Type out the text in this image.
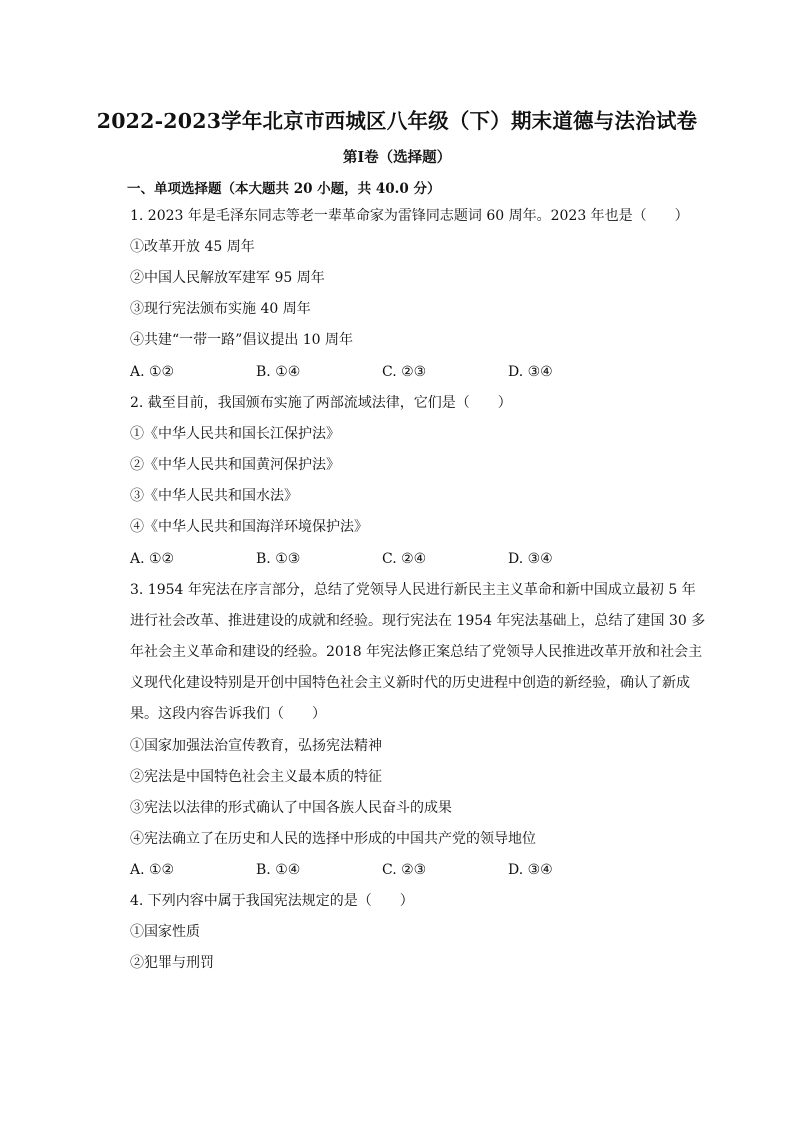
2022-2023学年北京市西城区八年级（下）期末道德与法治试卷
第Ⅰ卷（选择题）
一、单项选择题（本大题共 20 小题，共 40.0 分）
1. 2023 年是毛泽东同志等老一辈革命家为雷锋同志题词 60 周年。2023 年也是（　　）
①改革开放 45 周年
②中国人民解放军建军 95 周年
③现行宪法颁布实施 40 周年
④共建“一带一路”倡议提出 10 周年
A. ①②	B. ①④	C. ②③	D. ③④
2. 截至目前，我国颁布实施了两部流域法律，它们是（　　）
①《中华人民共和国长江保护法》
②《中华人民共和国黄河保护法》
③《中华人民共和国水法》
④《中华人民共和国海洋环境保护法》
A. ①②	B. ①③	C. ②④	D. ③④
3. 1954 年宪法在序言部分，总结了党领导人民进行新民主主义革命和新中国成立最初 5 年
进行社会改革、推进建设的成就和经验。现行宪法在 1954 年宪法基础上，总结了建国 30 多
年社会主义革命和建设的经验。2018 年宪法修正案总结了党领导人民推进改革开放和社会主
义现代化建设特别是开创中国特色社会主义新时代的历史进程中创造的新经验，确认了新成
果。这段内容告诉我们（　　）
①国家加强法治宣传教育，弘扬宪法精神
②宪法是中国特色社会主义最本质的特征
③宪法以法律的形式确认了中国各族人民奋斗的成果
④宪法确立了在历史和人民的选择中形成的中国共产党的领导地位
A. ①②	B. ①④	C. ②③	D. ③④
4. 下列内容中属于我国宪法规定的是（　　）
①国家性质
②犯罪与刑罚
